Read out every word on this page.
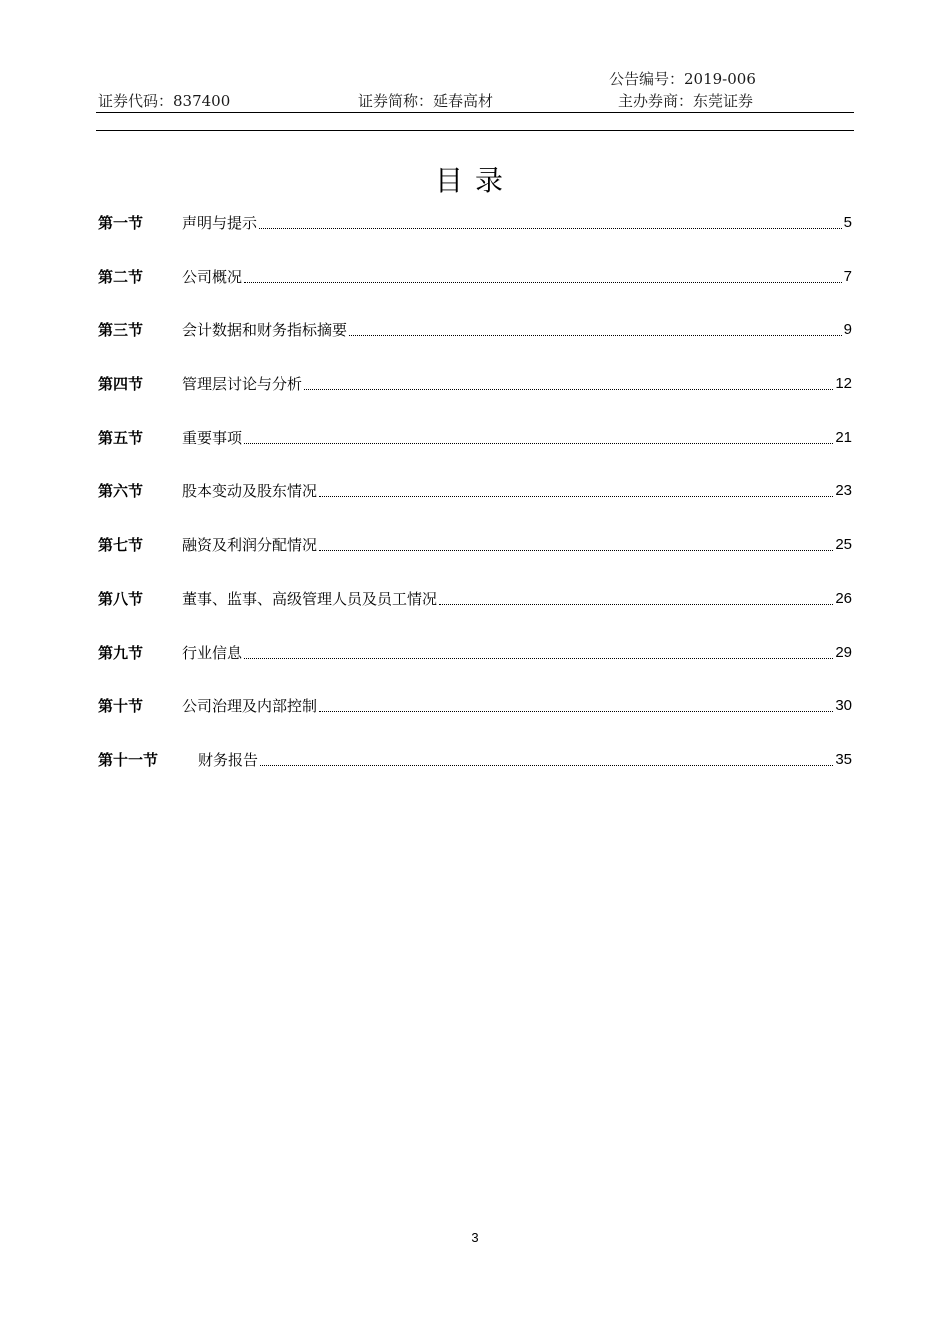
公告编号：2019-006
证券代码：837400	证券简称：延春高材	主办券商：东莞证券
目录
第一节	声明与提示	5
第二节	公司概况	7
第三节	会计数据和财务指标摘要	9
第四节	管理层讨论与分析	12
第五节	重要事项	21
第六节	股本变动及股东情况	23
第七节	融资及利润分配情况	25
第八节	董事、监事、高级管理人员及员工情况	26
第九节	行业信息	29
第十节	公司治理及内部控制	30
第十一节	财务报告	35
3
